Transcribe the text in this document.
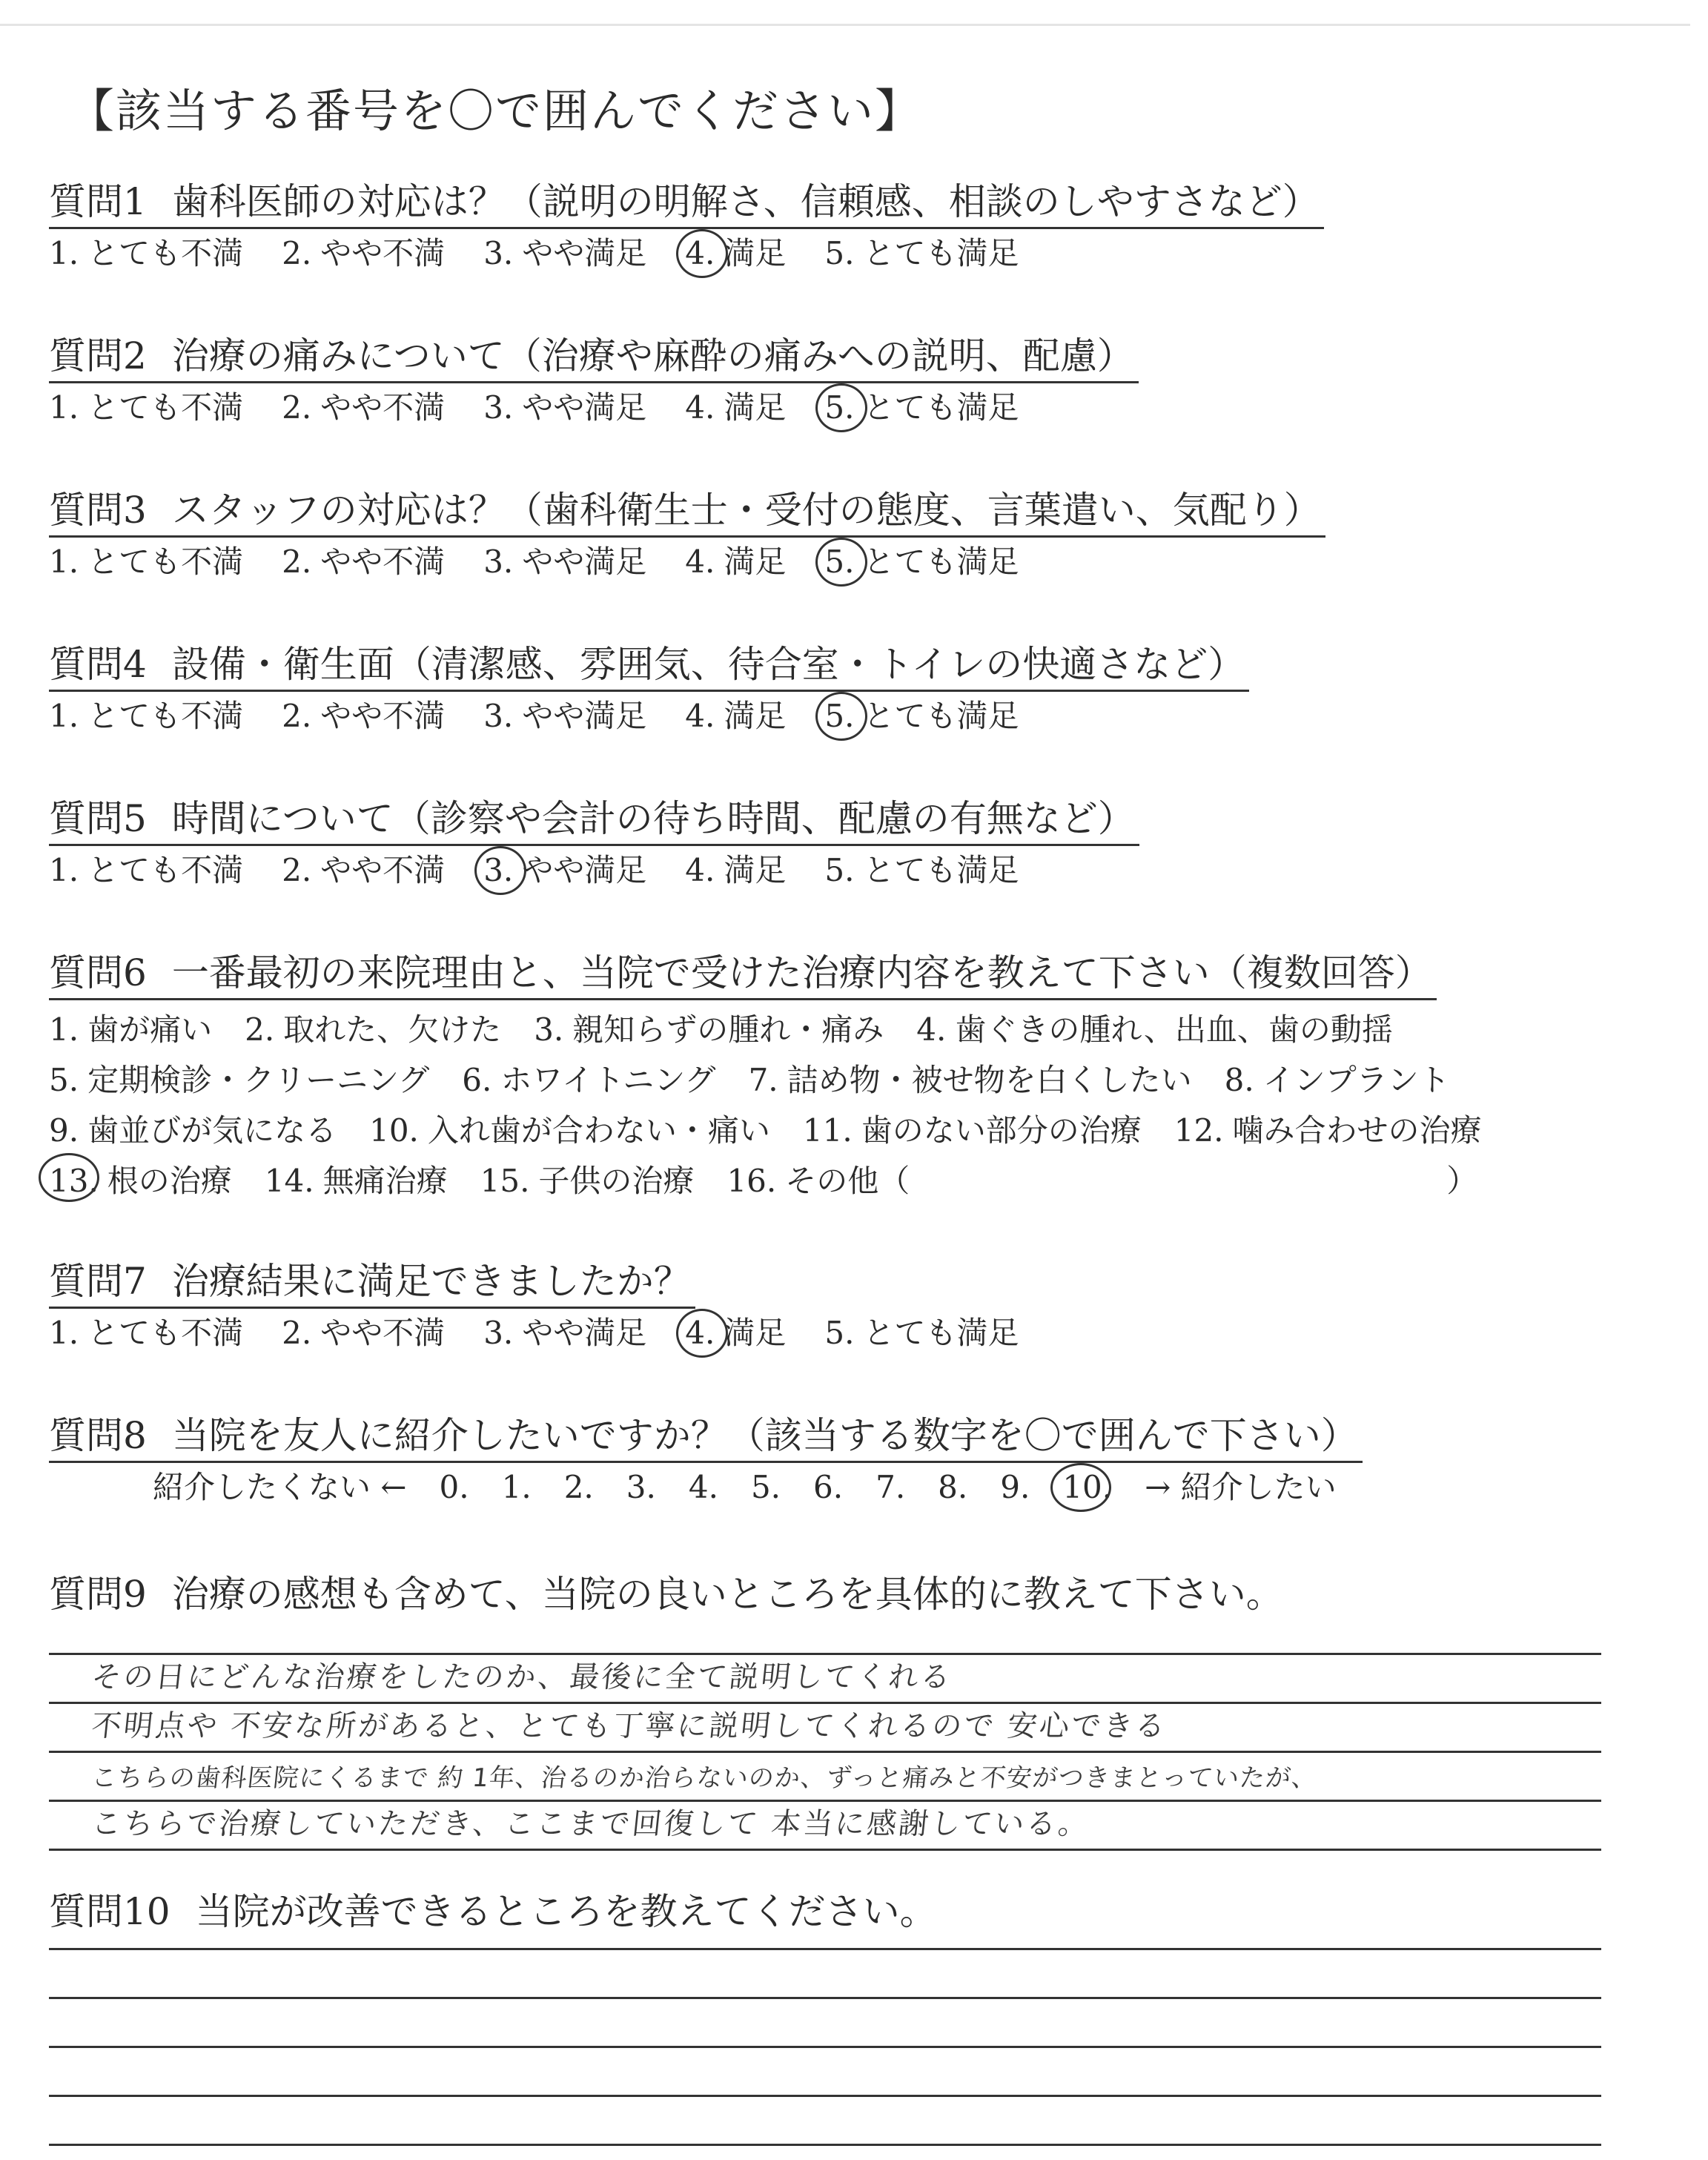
【該当する番号を〇で囲んでください】
質問1 歯科医師の対応は？（説明の明解さ、信頼感、相談のしやすさなど）
1. とても不満 2. やや不満 3. やや満足 4. 満足 5. とても満足
質問2 治療の痛みについて（治療や麻酔の痛みへの説明、配慮）
1. とても不満 2. やや不満 3. やや満足 4. 満足 5. とても満足
質問3 スタッフの対応は？（歯科衛生士・受付の態度、言葉遣い、気配り）
1. とても不満 2. やや不満 3. やや満足 4. 満足 5. とても満足
質問4 設備・衛生面（清潔感、雰囲気、待合室・トイレの快適さなど）
1. とても不満 2. やや不満 3. やや満足 4. 満足 5. とても満足
質問5 時間について（診察や会計の待ち時間、配慮の有無など）
1. とても不満 2. やや不満 3. やや満足 4. 満足 5. とても満足
質問6 一番最初の来院理由と、当院で受けた治療内容を教えて下さい（複数回答）
1. 歯が痛い 2. 取れた、欠けた 3. 親知らずの腫れ・痛み 4. 歯ぐきの腫れ、出血、歯の動揺
5. 定期検診・クリーニング 6. ホワイトニング 7. 詰め物・被せ物を白くしたい 8. インプラント
9. 歯並びが気になる 10. 入れ歯が合わない・痛い 11. 歯のない部分の治療 12. 噛み合わせの治療
13. 根の治療 14. 無痛治療 15. 子供の治療 16. その他（	）
質問7 治療結果に満足できましたか？
1. とても不満 2. やや不満 3. やや満足 4. 満足 5. とても満足
質問8 当院を友人に紹介したいですか？（該当する数字を〇で囲んで下さい）
紹介したくない ← 0. 1. 2. 3. 4. 5. 6. 7. 8. 9. 10. → 紹介したい
質問9 治療の感想も含めて、当院の良いところを具体的に教えて下さい。
その日にどんな治療をしたのか、最後に全て説明してくれる
不明点や 不安な所があると、とても丁寧に説明してくれるので 安心できる
こちらの歯科医院にくるまで 約 1年、治るのか治らないのか、ずっと痛みと不安がつきまとっていたが、
こちらで治療していただき、ここまで回復して 本当に感謝している。
質問10 当院が改善できるところを教えてください。
